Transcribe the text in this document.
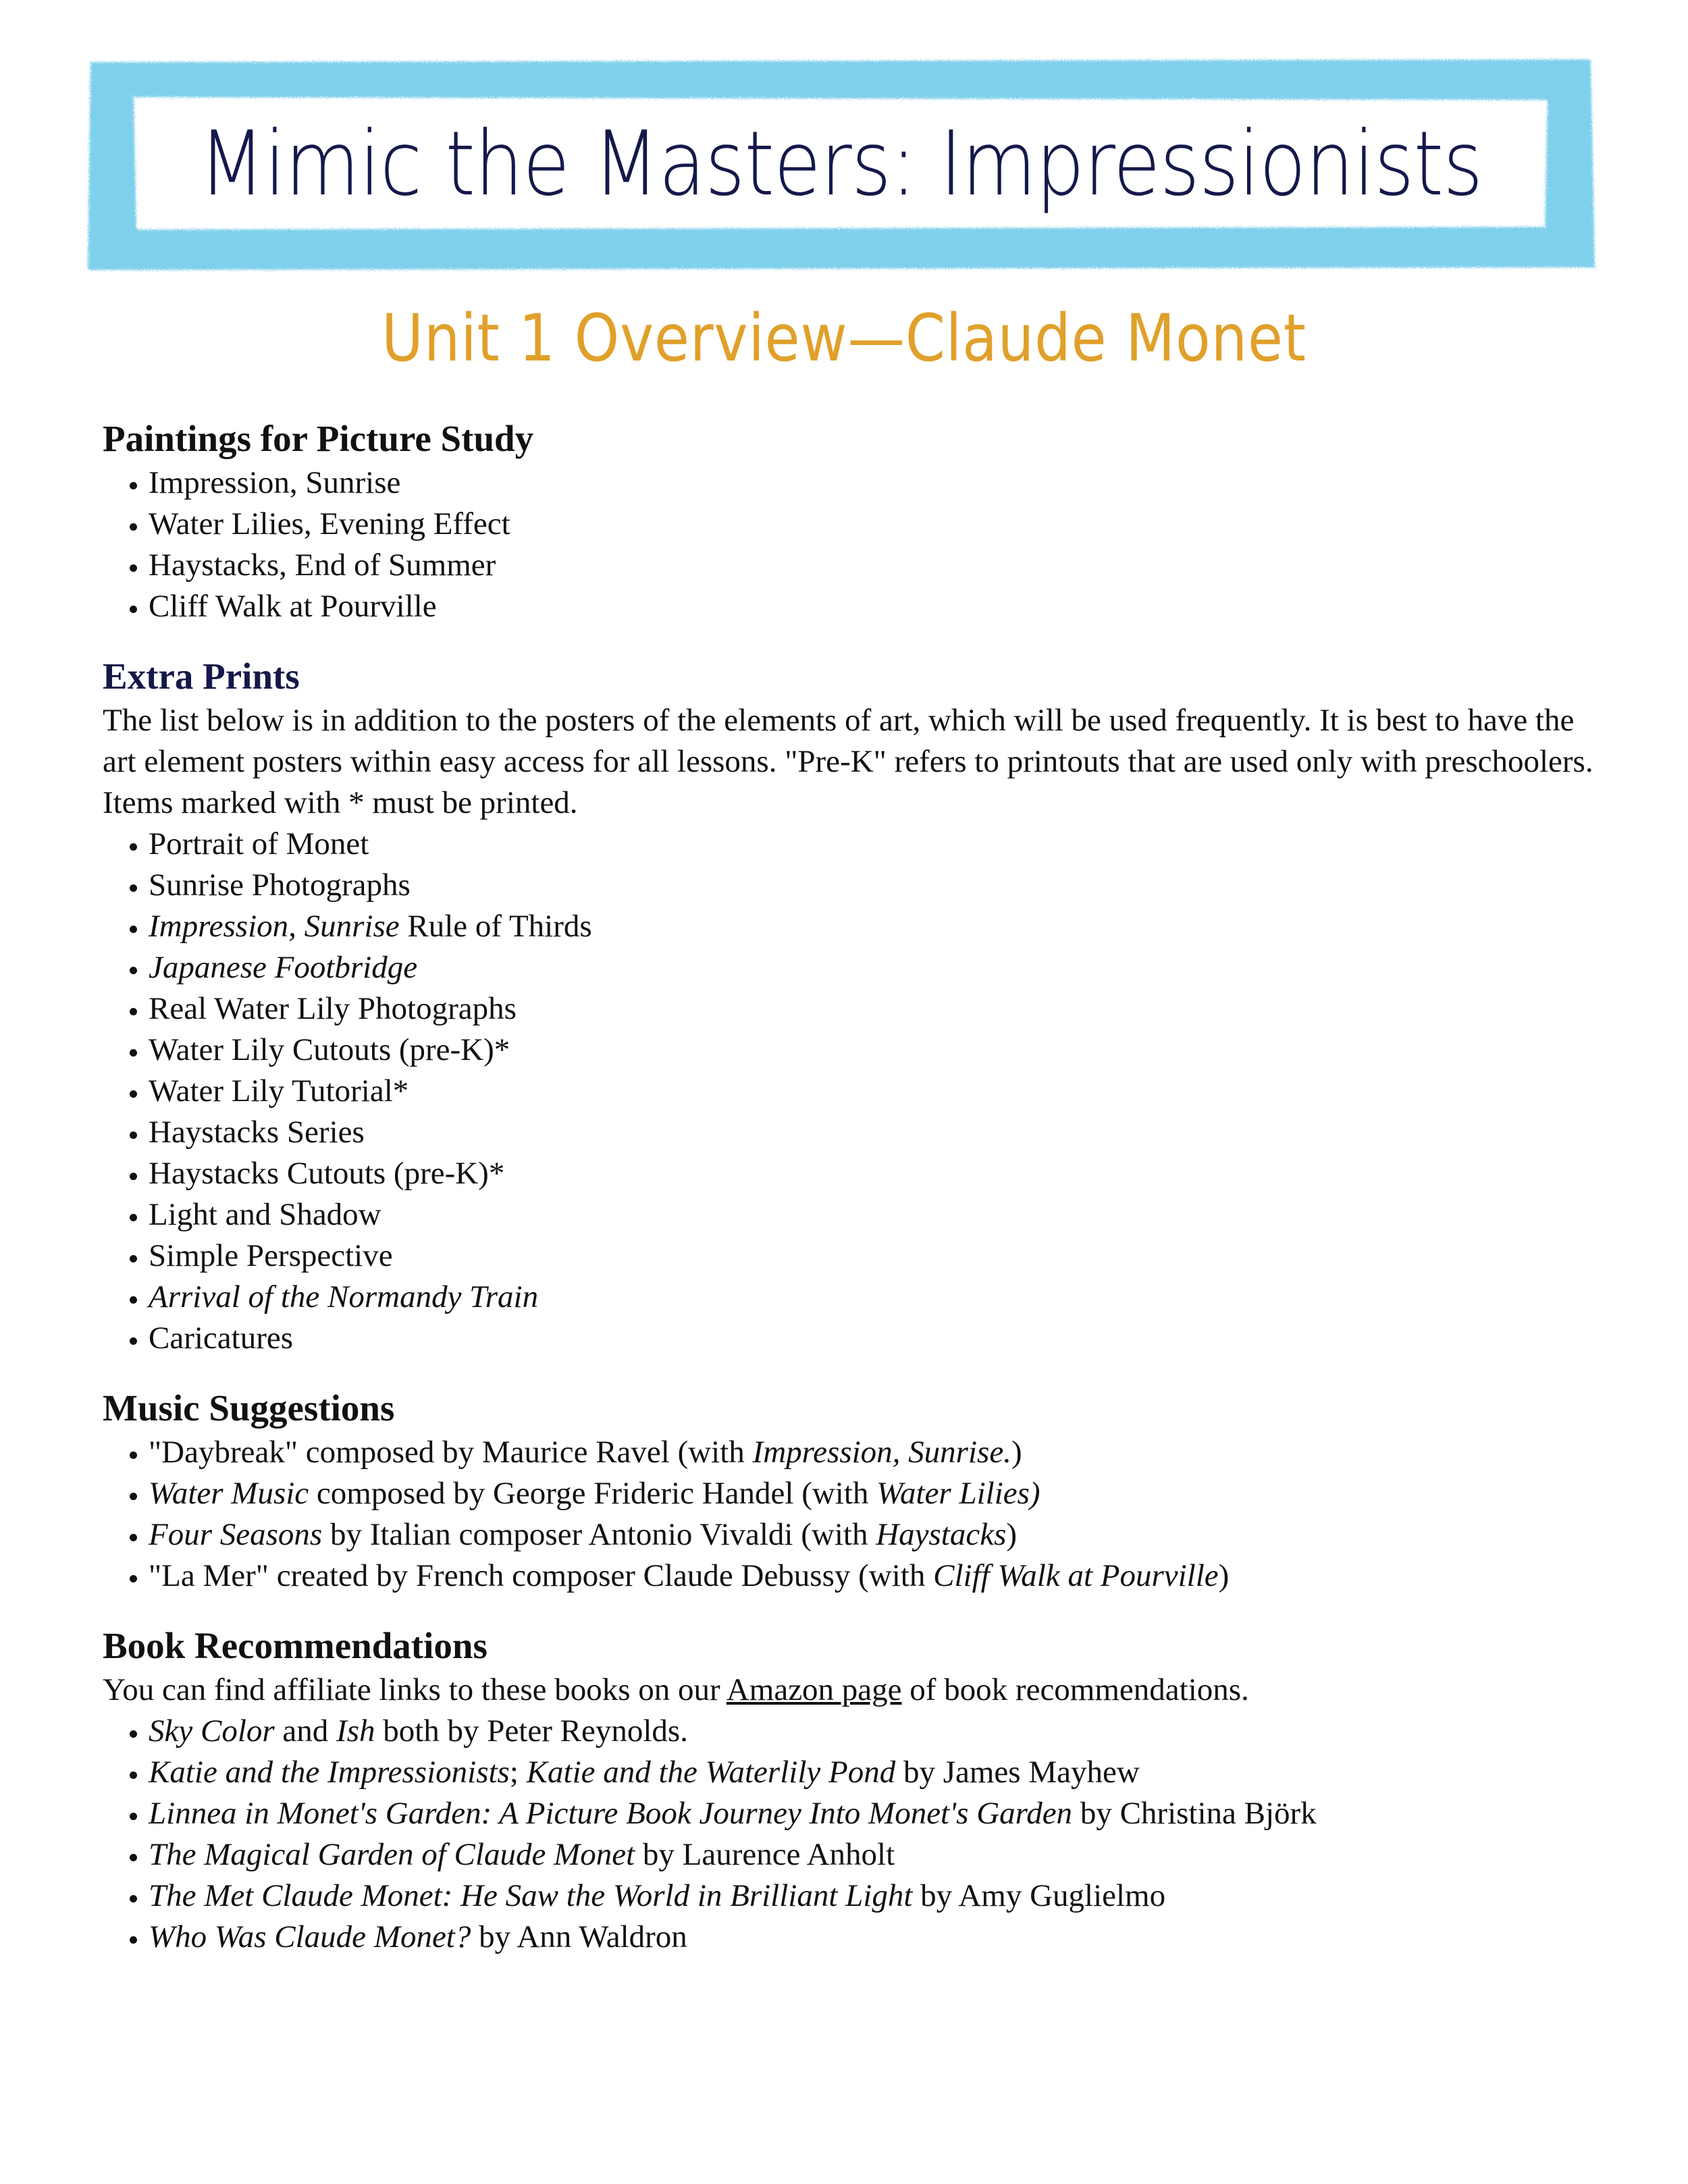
Mimic the Masters: Impressionists
Unit 1 Overview—Claude Monet
Paintings for Picture Study
• Impression, Sunrise
• Water Lilies, Evening Effect
• Haystacks, End of Summer
• Cliff Walk at Pourville
Extra Prints

The list below is in addition to the posters of the elements of art, which will be used frequently. It is best to have the art element posters within easy access for all lessons. "Pre-K" refers to printouts that are used only with preschoolers. Items marked with * must be printed.

• Portrait of Monet
• Sunrise Photographs
• Impression, Sunrise Rule of Thirds
• Japanese Footbridge
• Real Water Lily Photographs
• Water Lily Cutouts (pre-K)*
• Water Lily Tutorial*
• Haystacks Series
• Haystacks Cutouts (pre-K)*
• Light and Shadow
• Simple Perspective
• Arrival of the Normandy Train
• Caricatures
Music Suggestions
• "Daybreak" composed by Maurice Ravel (with Impression, Sunrise.)
• Water Music composed by George Frideric Handel (with Water Lilies)
• Four Seasons by Italian composer Antonio Vivaldi (with Haystacks)
• "La Mer" created by French composer Claude Debussy (with Cliff Walk at Pourville)
Book Recommendations

You can find affiliate links to these books on our Amazon page of book recommendations.

• Sky Color and Ish both by Peter Reynolds.
• Katie and the Impressionists; Katie and the Waterlily Pond by James Mayhew
• Linnea in Monet's Garden: A Picture Book Journey Into Monet's Garden by Christina Björk
• The Magical Garden of Claude Monet by Laurence Anholt
• The Met Claude Monet: He Saw the World in Brilliant Light by Amy Guglielmo
• Who Was Claude Monet? by Ann Waldron
